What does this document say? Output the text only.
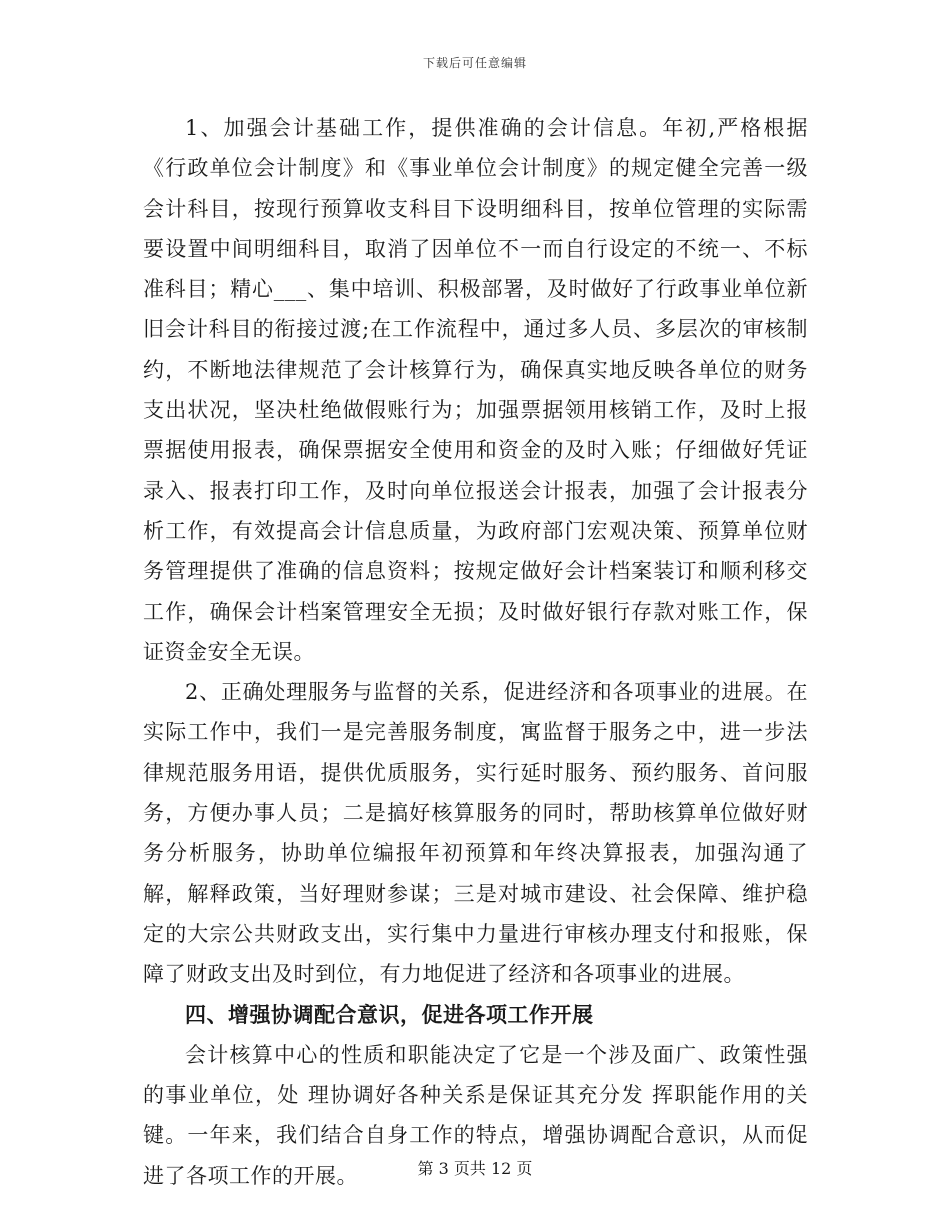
下载后可任意编辑

1、加强会计基础工作，提供准确的会计信息。年初,严格根据《行政单位会计制度》和《事业单位会计制度》的规定健全完善一级会计科目，按现行预算收支科目下设明细科目，按单位管理的实际需要设置中间明细科目，取消了因单位不一而自行设定的不统一、不标准科目；精心___、集中培训、积极部署，及时做好了行政事业单位新旧会计科目的衔接过渡;在工作流程中，通过多人员、多层次的审核制约，不断地法律规范了会计核算行为，确保真实地反映各单位的财务支出状况，坚决杜绝做假账行为；加强票据领用核销工作，及时上报票据使用报表，确保票据安全使用和资金的及时入账；仔细做好凭证录入、报表打印工作，及时向单位报送会计报表，加强了会计报表分析工作，有效提高会计信息质量，为政府部门宏观决策、预算单位财务管理提供了准确的信息资料；按规定做好会计档案装订和顺利移交工作，确保会计档案管理安全无损；及时做好银行存款对账工作，保证资金安全无误。

2、正确处理服务与监督的关系，促进经济和各项事业的进展。在实际工作中，我们一是完善服务制度，寓监督于服务之中，进一步法律规范服务用语，提供优质服务，实行延时服务、预约服务、首问服务，方便办事人员；二是搞好核算服务的同时，帮助核算单位做好财务分析服务，协助单位编报年初预算和年终决算报表，加强沟通了解，解释政策，当好理财参谋；三是对城市建设、社会保障、维护稳定的大宗公共财政支出，实行集中力量进行审核办理支付和报账，保障了财政支出及时到位，有力地促进了经济和各项事业的进展。

四、增强协调配合意识，促进各项工作开展

会计核算中心的性质和职能决定了它是一个涉及面广、政策性强的事业单位，处 理协调好各种关系是保证其充分发 挥职能作用的关键。一年来，我们结合自身工作的特点，增强协调配合意识，从而促进了各项工作的开展。	第 3 页共 12 页
